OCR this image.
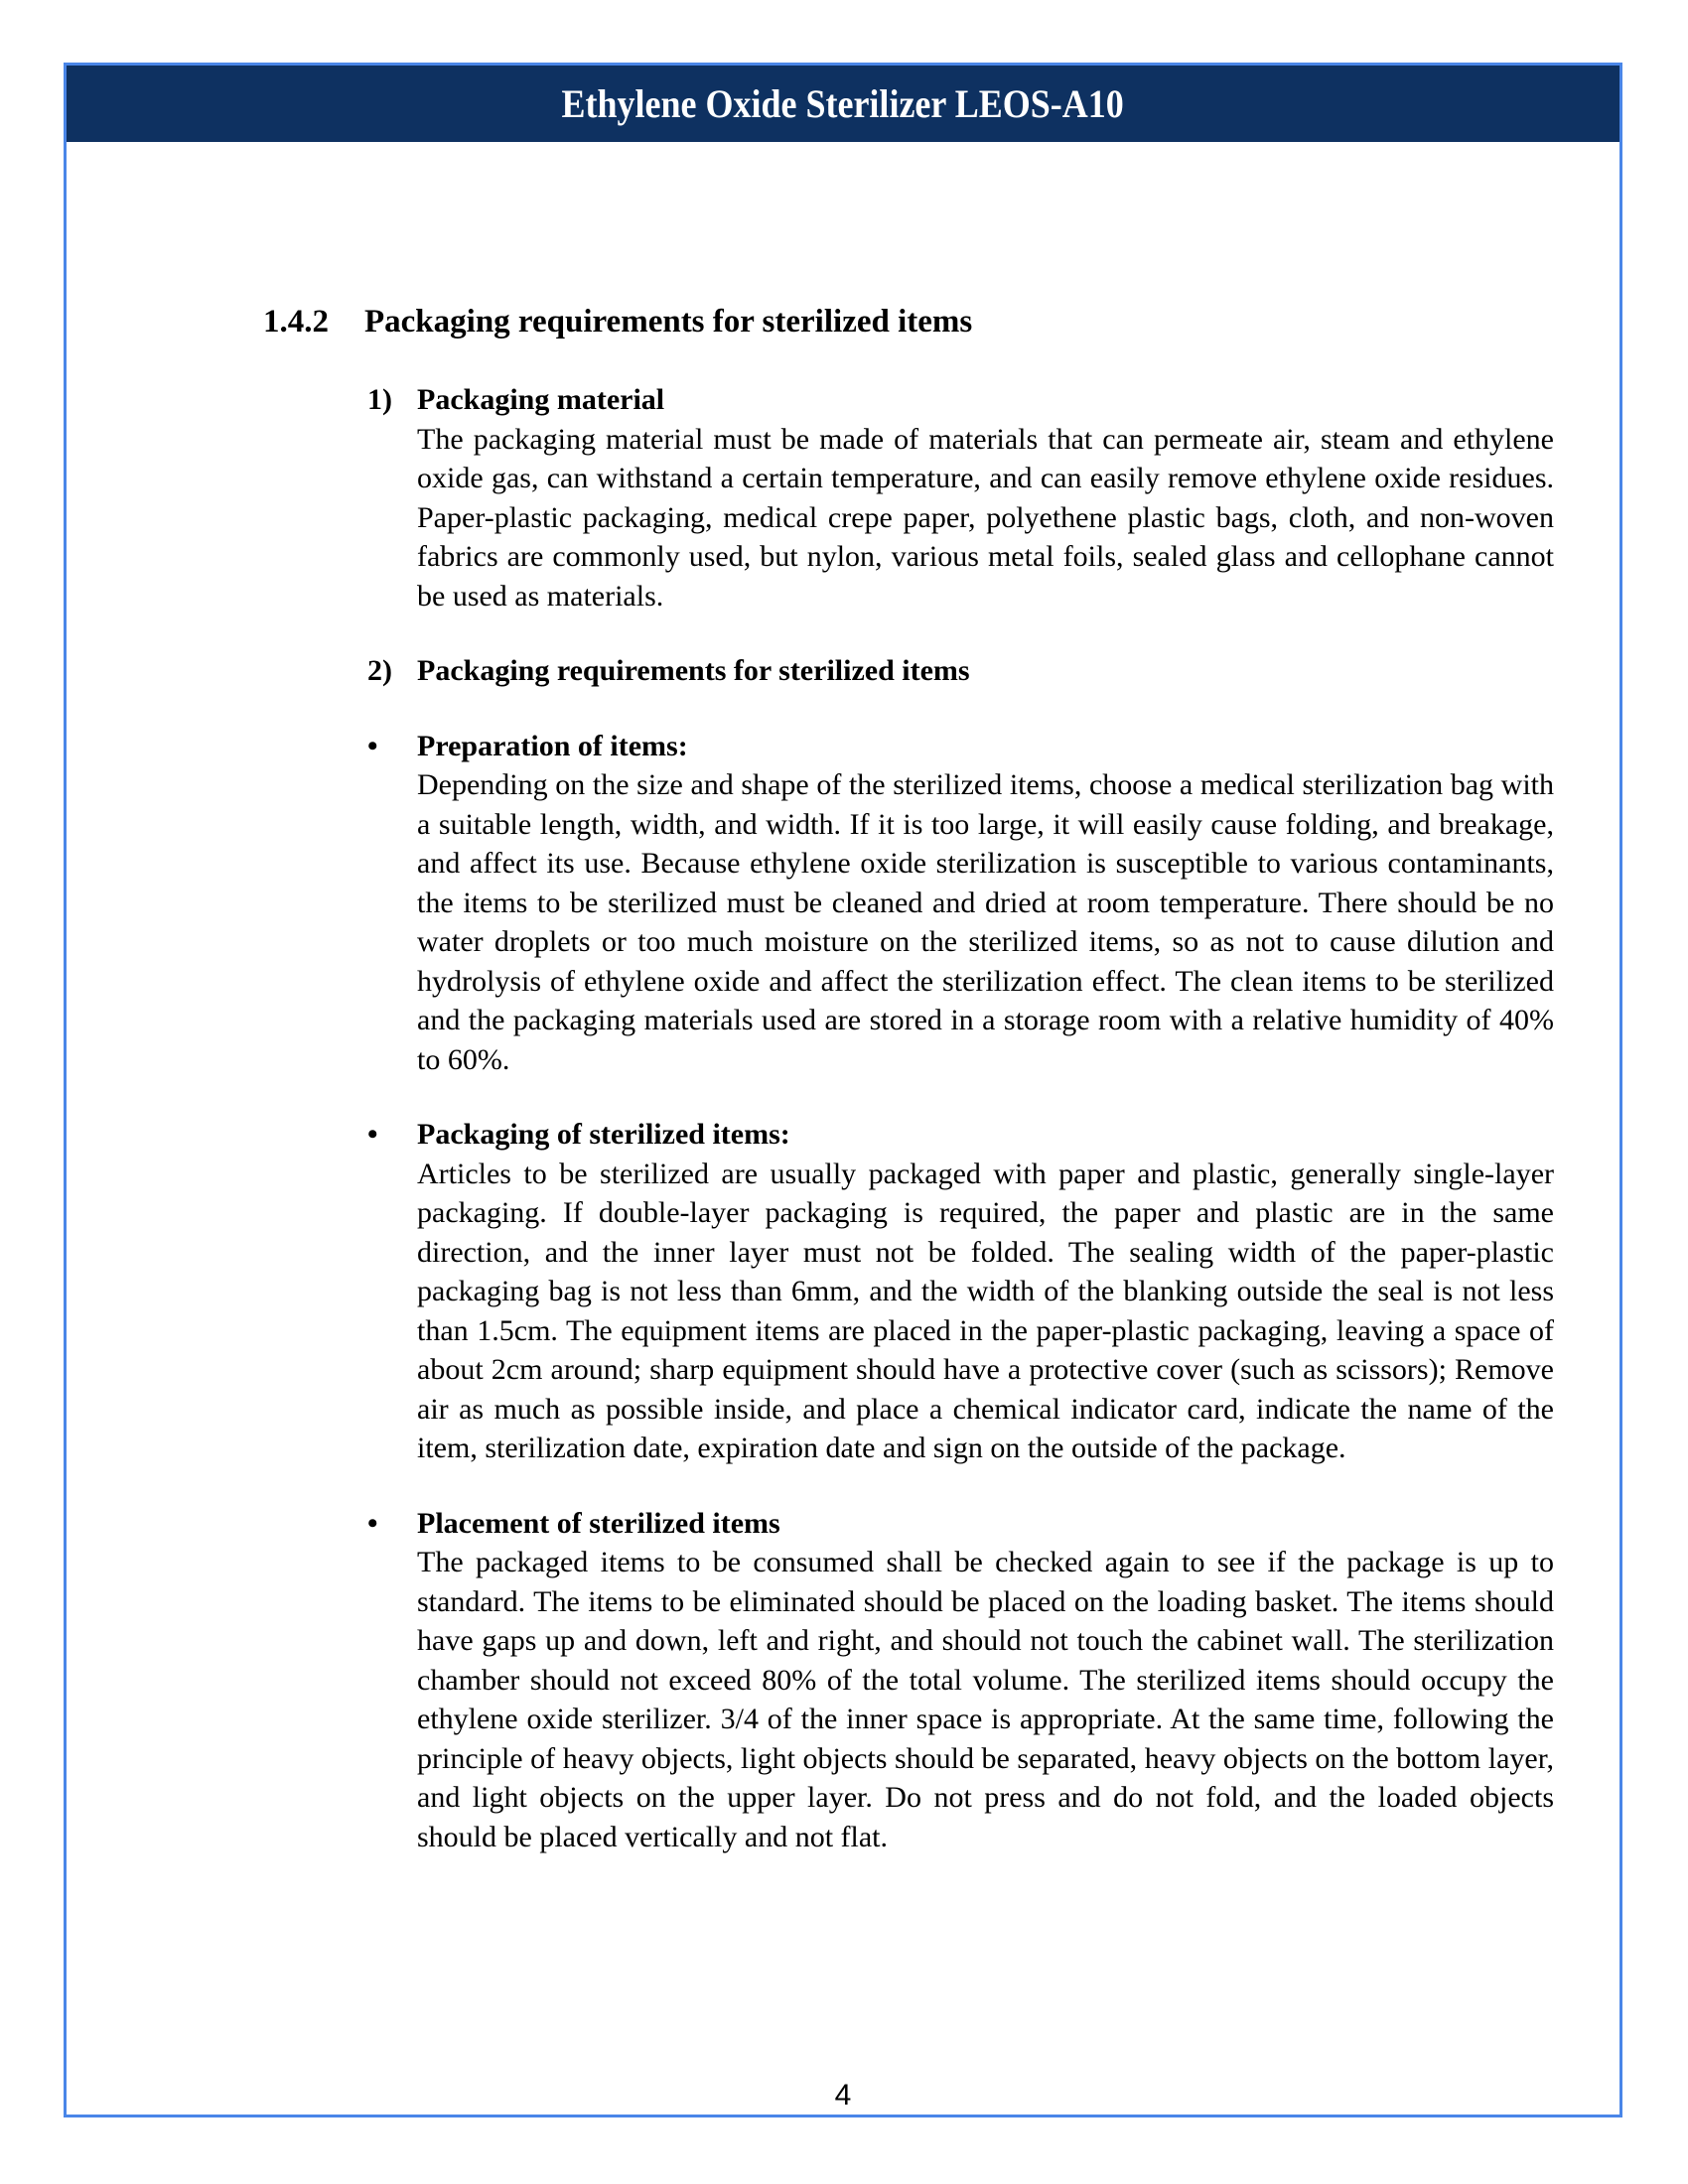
Ethylene Oxide Sterilizer LEOS-A10
1.4.2	Packaging requirements for sterilized items
1) Packaging material

The packaging material must be made of materials that can permeate air, steam and ethylene oxide gas, can withstand a certain temperature, and can easily remove ethylene oxide residues. Paper-plastic packaging, medical crepe paper, polyethene plastic bags, cloth, and non-woven fabrics are commonly used, but nylon, various metal foils, sealed glass and cellophane cannot be used as materials.

2) Packaging requirements for sterilized items
•	Preparation of items:

Depending on the size and shape of the sterilized items, choose a medical sterilization bag with a suitable length, width, and width. If it is too large, it will easily cause folding, and breakage, and affect its use. Because ethylene oxide sterilization is susceptible to various contaminants, the items to be sterilized must be cleaned and dried at room temperature. There should be no water droplets or too much moisture on the sterilized items, so as not to cause dilution and hydrolysis of ethylene oxide and affect the sterilization effect. The clean items to be sterilized and the packaging materials used are stored in a storage room with a relative humidity of 40% to 60%.

•	Packaging of sterilized items:

Articles to be sterilized are usually packaged with paper and plastic, generally single-layer packaging. If double-layer packaging is required, the paper and plastic are in the same direction, and the inner layer must not be folded. The sealing width of the paper-plastic packaging bag is not less than 6mm, and the width of the blanking outside the seal is not less than 1.5cm. The equipment items are placed in the paper-plastic packaging, leaving a space of about 2cm around; sharp equipment should have a protective cover (such as scissors); Remove air as much as possible inside, and place a chemical indicator card, indicate the name of the item, sterilization date, expiration date and sign on the outside of the package.

•	Placement of sterilized items

The packaged items to be consumed shall be checked again to see if the package is up to standard. The items to be eliminated should be placed on the loading basket. The items should have gaps up and down, left and right, and should not touch the cabinet wall. The sterilization chamber should not exceed 80% of the total volume. The sterilized items should occupy the ethylene oxide sterilizer. 3/4 of the inner space is appropriate. At the same time, following the principle of heavy objects, light objects should be separated, heavy objects on the bottom layer, and light objects on the upper layer. Do not press and do not fold, and the loaded objects should be placed vertically and not flat.

4
